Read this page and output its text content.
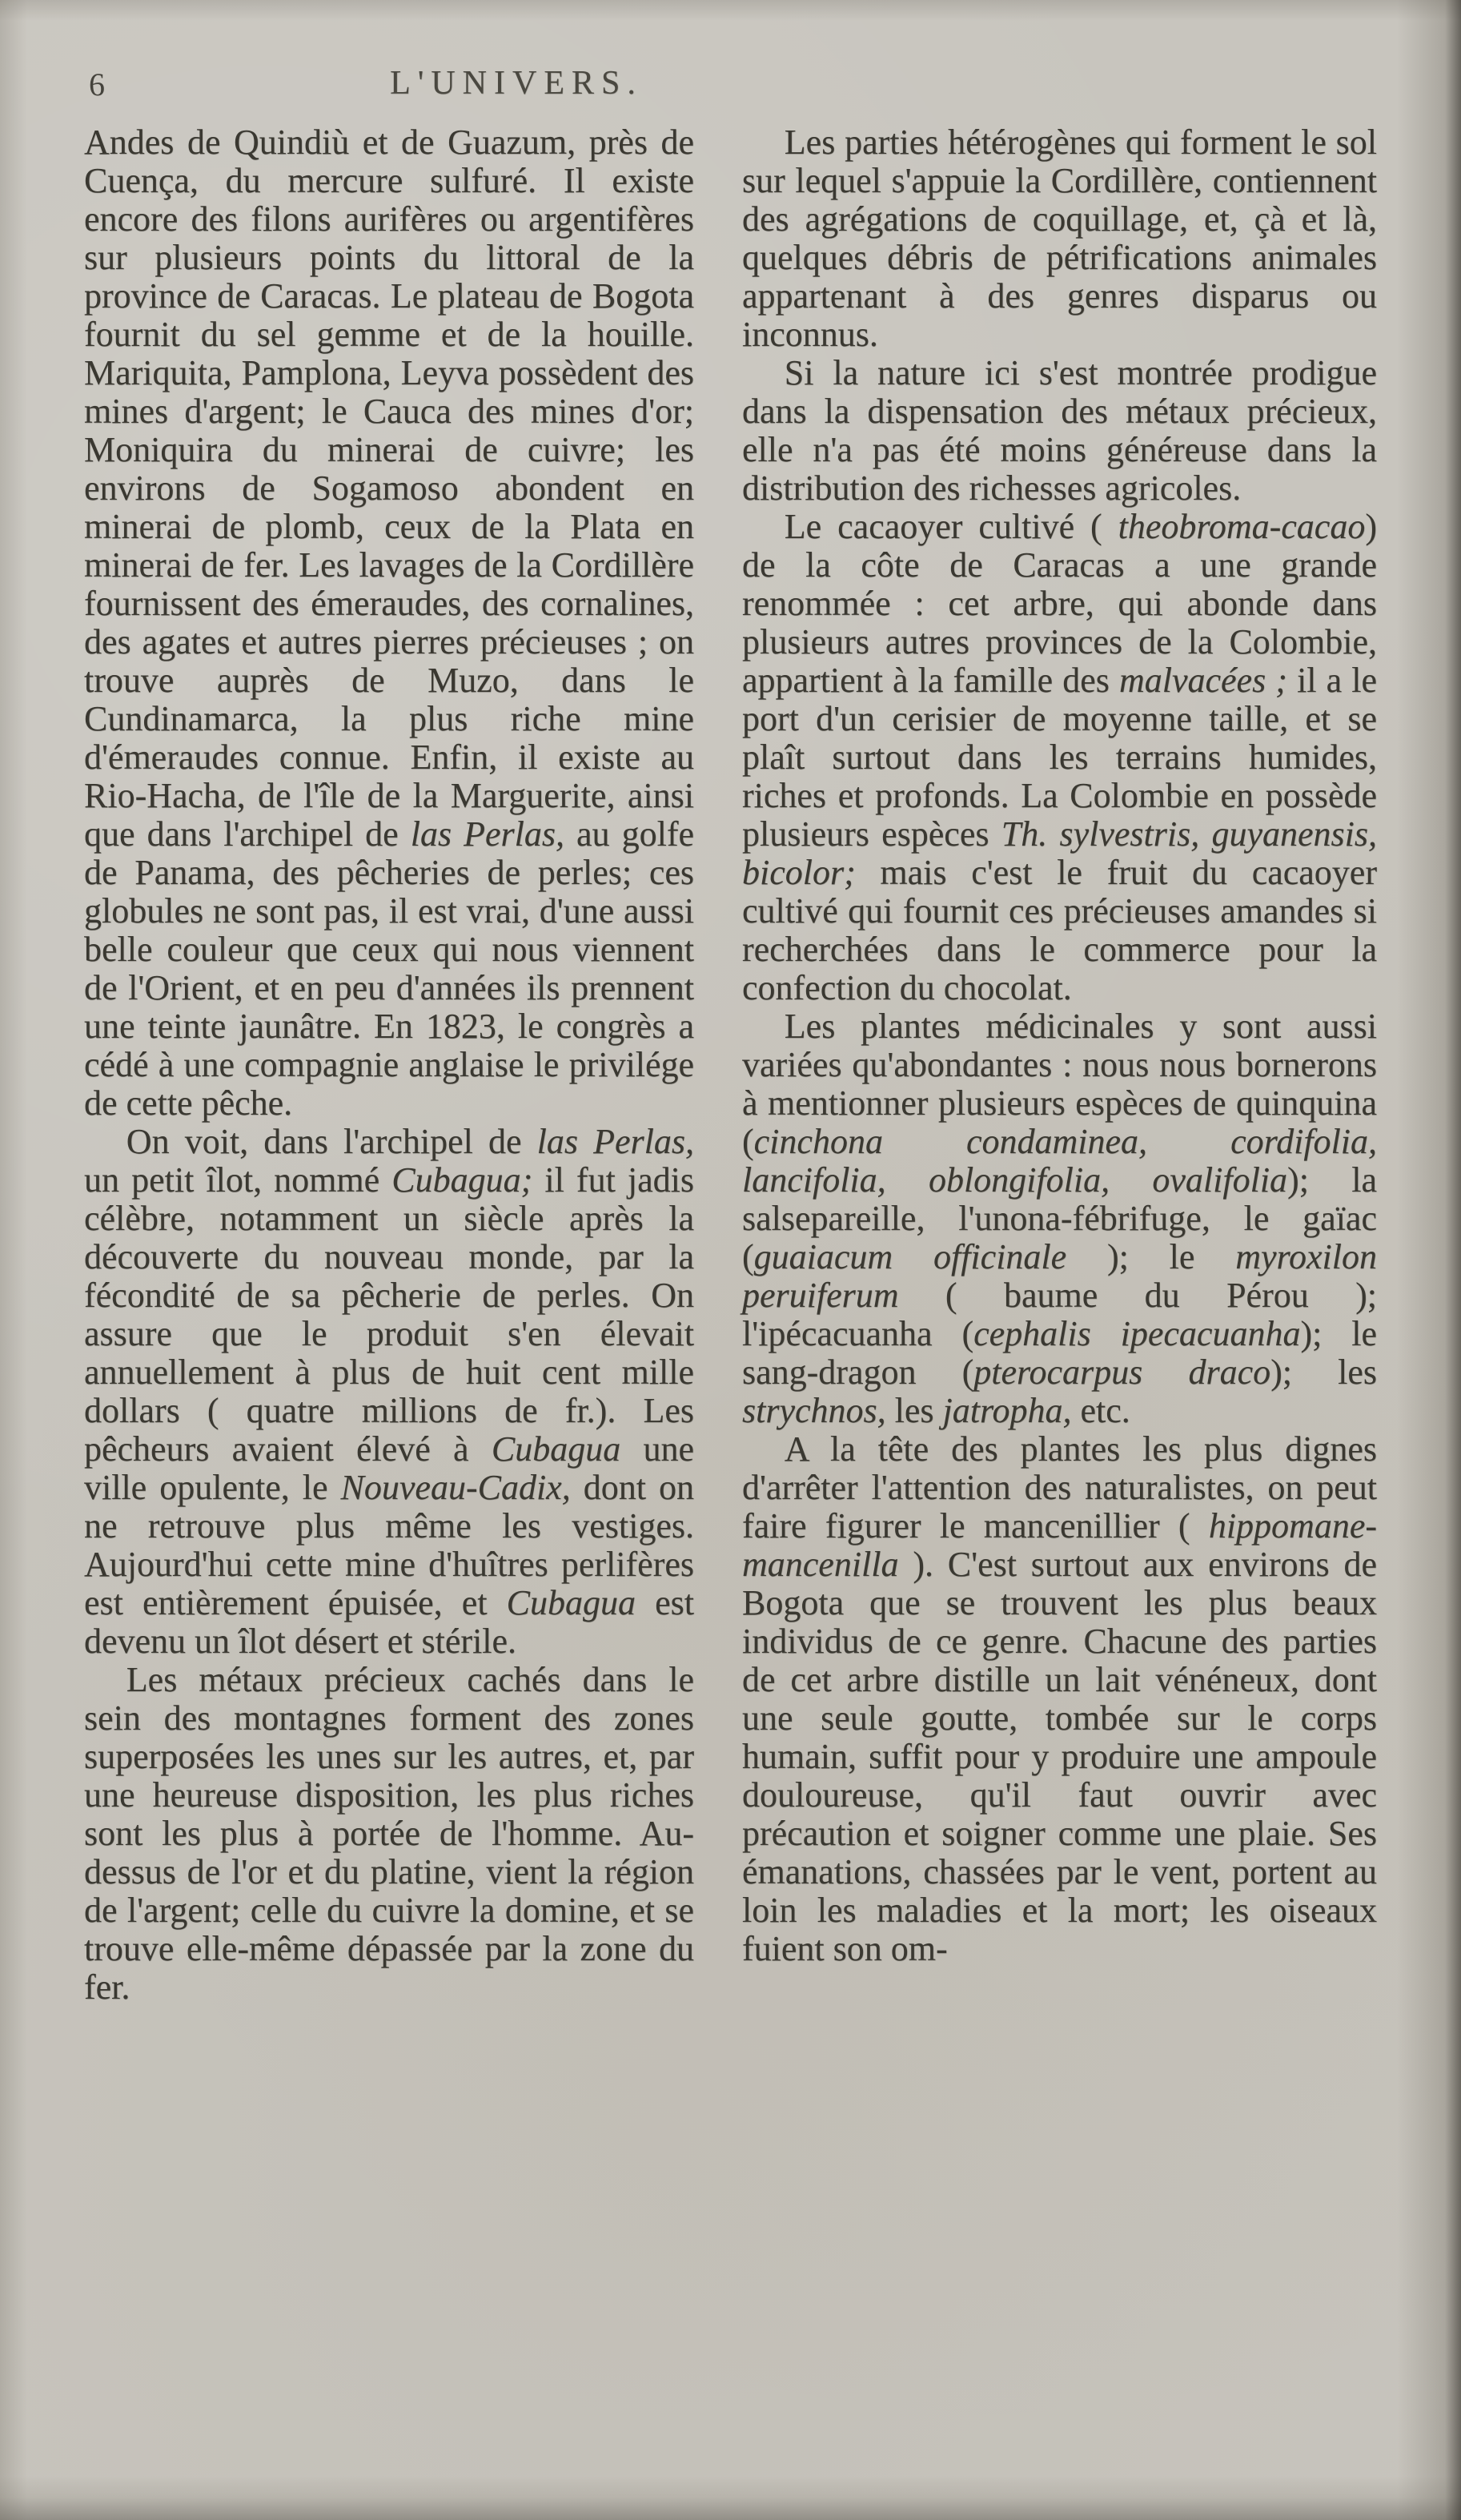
6	L'UNIVERS.

Andes de Quindiù et de Guazum, près de Cuença, du mercure sulfuré. Il existe encore des filons aurifères ou argentifères sur plusieurs points du littoral de la province de Caracas. Le plateau de Bogota fournit du sel gemme et de la houille. Mariquita, Pamplona, Leyva possèdent des mines d'argent; le Cauca des mines d'or; Moniquira du minerai de cuivre; les environs de Sogamoso abondent en minerai de plomb, ceux de la Plata en minerai de fer. Les lavages de la Cordillère fournissent des émeraudes, des cornalines, des agates et autres pierres précieuses ; on trouve auprès de Muzo, dans le Cundinamarca, la plus riche mine d'émeraudes connue. Enfin, il existe au Rio-Hacha, de l'île de la Marguerite, ainsi que dans l'archipel de las Perlas, au golfe de Panama, des pêcheries de perles; ces globules ne sont pas, il est vrai, d'une aussi belle couleur que ceux qui nous viennent de l'Orient, et en peu d'années ils prennent une teinte jaunâtre. En 1823, le congrès a cédé à une compagnie anglaise le privilége de cette pêche.

On voit, dans l'archipel de las Perlas, un petit îlot, nommé Cubagua; il fut jadis célèbre, notamment un siècle après la découverte du nouveau monde, par la fécondité de sa pêcherie de perles. On assure que le produit s'en élevait annuellement à plus de huit cent mille dollars ( quatre millions de fr.). Les pêcheurs avaient élevé à Cubagua une ville opulente, le Nouveau-Cadix, dont on ne retrouve plus même les vestiges. Aujourd'hui cette mine d'huîtres perlifères est entièrement épuisée, et Cubagua est devenu un îlot désert et stérile.

Les métaux précieux cachés dans le sein des montagnes forment des zones superposées les unes sur les autres, et, par une heureuse disposition, les plus riches sont les plus à portée de l'homme. Au-dessus de l'or et du platine, vient la région de l'argent; celle du cuivre la domine, et se trouve elle-même dépassée par la zone du fer.

Les parties hétérogènes qui forment le sol sur lequel s'appuie la Cordillère, contiennent des agrégations de coquillage, et, çà et là, quelques débris de pétrifications animales appartenant à des genres disparus ou inconnus.

Si la nature ici s'est montrée prodigue dans la dispensation des métaux précieux, elle n'a pas été moins généreuse dans la distribution des richesses agricoles.

Le cacaoyer cultivé ( theobroma-cacao) de la côte de Caracas a une grande renommée : cet arbre, qui abonde dans plusieurs autres provinces de la Colombie, appartient à la famille des malvacées ; il a le port d'un cerisier de moyenne taille, et se plaît surtout dans les terrains humides, riches et profonds. La Colombie en possède plusieurs espèces Th. sylvestris, guyanensis, bicolor; mais c'est le fruit du cacaoyer cultivé qui fournit ces précieuses amandes si recherchées dans le commerce pour la confection du chocolat.

Les plantes médicinales y sont aussi variées qu'abondantes : nous nous bornerons à mentionner plusieurs espèces de quinquina (cinchona condaminea, cordifolia, lancifolia, oblongifolia, ovalifolia); la salsepareille, l'unona-fébrifuge, le gaïac (guaiacum officinale ); le myroxilon peruiferum ( baume du Pérou ); l'ipécacuanha (cephalis ipecacuanha); le sang-dragon (pterocarpus draco); les strychnos, les jatropha, etc.

A la tête des plantes les plus dignes d'arrêter l'attention des naturalistes, on peut faire figurer le mancenillier ( hippomane-mancenilla ). C'est surtout aux environs de Bogota que se trouvent les plus beaux individus de ce genre. Chacune des parties de cet arbre distille un lait vénéneux, dont une seule goutte, tombée sur le corps humain, suffit pour y produire une ampoule douloureuse, qu'il faut ouvrir avec précaution et soigner comme une plaie. Ses émanations, chassées par le vent, portent au loin les maladies et la mort; les oiseaux fuient son om-
